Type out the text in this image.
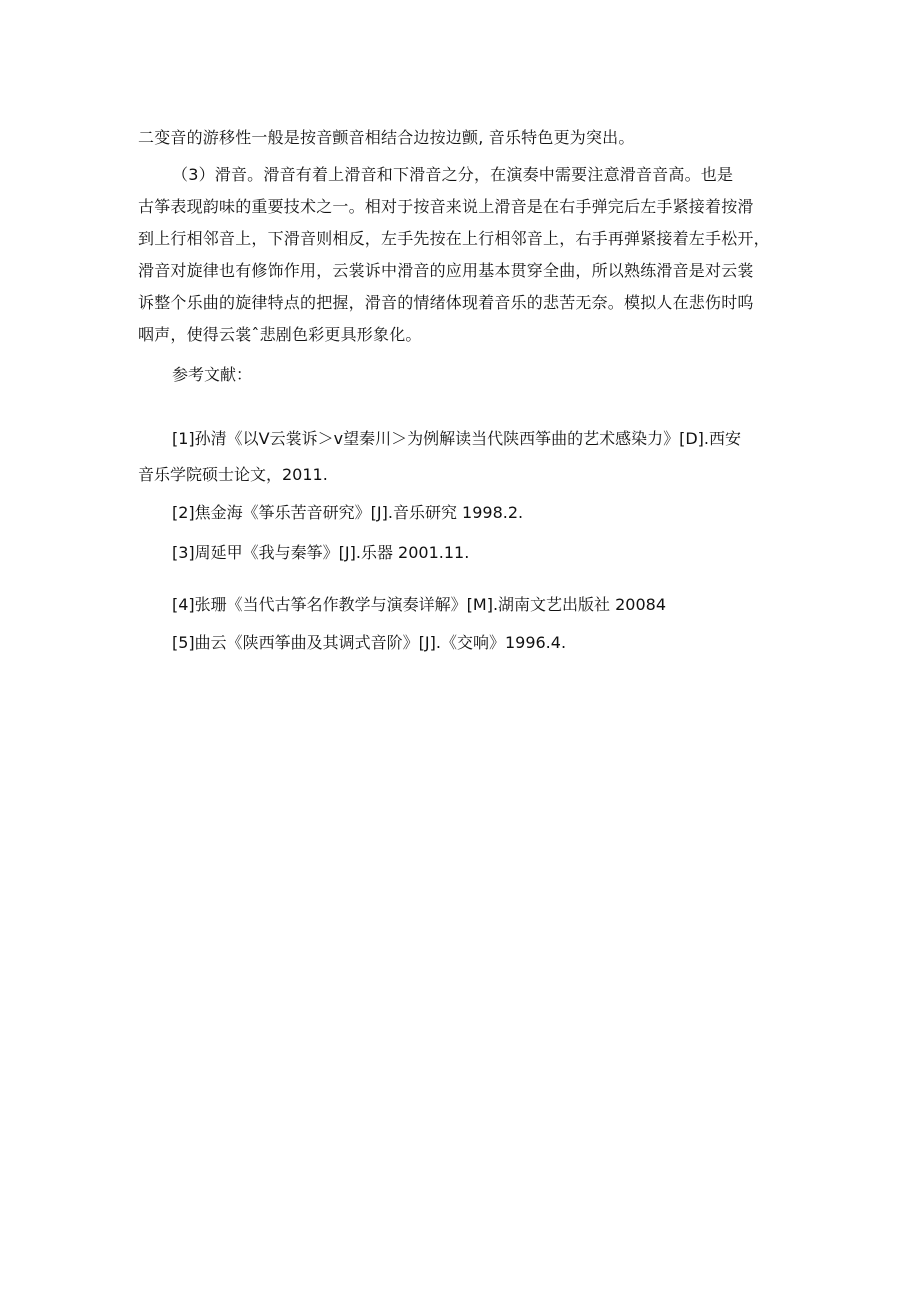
二变音的游移性一般是按音颤音相结合边按边颤, 音乐特色更为突出。
（3）滑音。滑音有着上滑音和下滑音之分，在演奏中需要注意滑音音高。也是
古筝表现韵味的重要技术之一。相对于按音来说上滑音是在右手弹完后左手紧接着按滑
到上行相邻音上，下滑音则相反，左手先按在上行相邻音上，右手再弹紧接着左手松开，
滑音对旋律也有修饰作用，云裳诉中滑音的应用基本贯穿全曲，所以熟练滑音是对云裳
诉整个乐曲的旋律特点的把握，滑音的情绪体现着音乐的悲苦无奈。模拟人在悲伤时呜
咽声，使得云裳ˆ悲剧色彩更具形象化。
参考文献：
[1]孙清《以Ⅴ云裳诉＞v望秦川＞为例解读当代陕西筝曲的艺术感染力》[D].西安
音乐学院硕士论文，2011.
[2]焦金海《筝乐苦音研究》[J].音乐研究 1998.2.
[3]周延甲《我与秦筝》[J].乐器 2001.11.
[4]张珊《当代古筝名作教学与演奏详解》[M].湖南文艺出版社 20084
[5]曲云《陕西筝曲及其调式音阶》[J].《交响》1996.4.
